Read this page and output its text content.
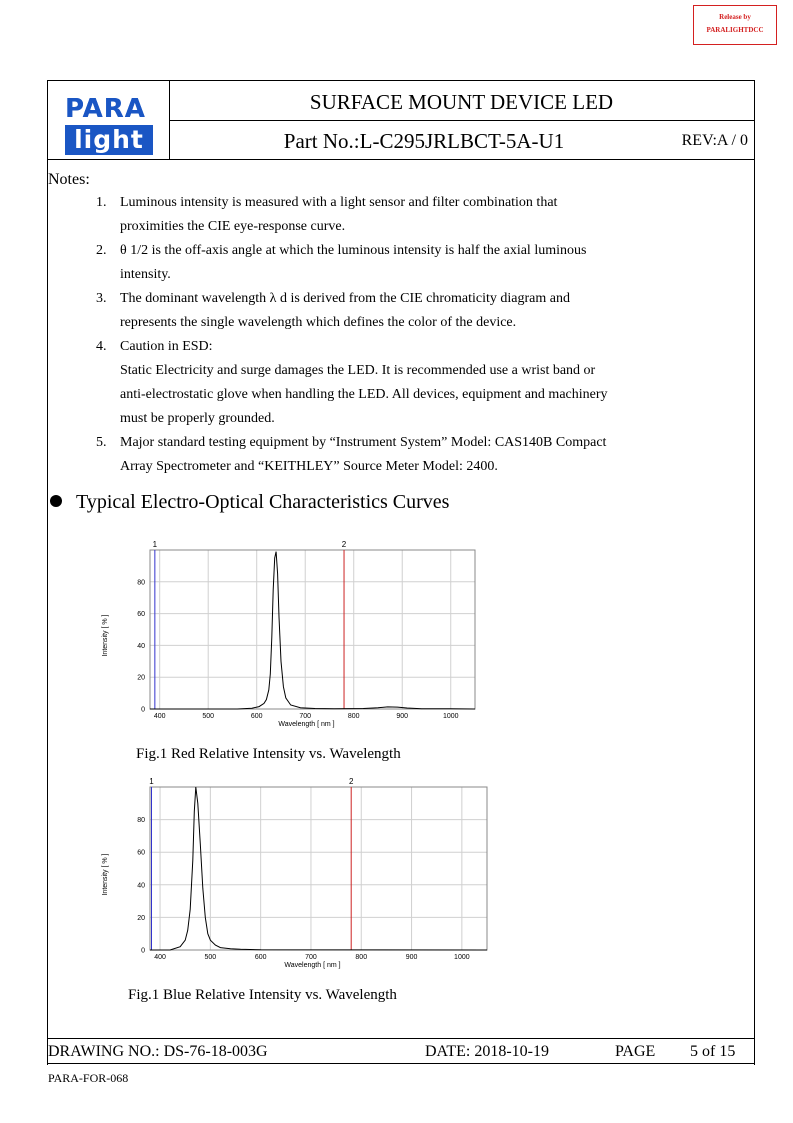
Release by
PARALIGHTDCC
PARA
light
SURFACE MOUNT DEVICE LED
Part No.:L-C295JRLBCT-5A-U1	REV:A / 0
Notes:
1. Luminous intensity is measured with a light sensor and filter combination that
proximities the CIE eye-response curve.
2. θ 1/2 is the off-axis angle at which the luminous intensity is half the axial luminous
intensity.
3. The dominant wavelength λ d is derived from the CIE chromaticity diagram and
represents the single wavelength which defines the color of the device.
4. Caution in ESD:
Static Electricity and surge damages the LED. It is recommended use a wrist band or
anti-electrostatic glove when handling the LED. All devices, equipment and machinery
must be properly grounded.
5. Major standard testing equipment by “Instrument System” Model: CAS140B Compact
Array Spectrometer and “KEITHLEY” Source Meter Model: 2400.
Typical Electro-Optical Characteristics Curves
400	500	600	700	800	900	1000
0
20
40
60
80
Wavelength [ nm ]
Intensity [ % ]
1	2
Fig.1 Red Relative Intensity vs. Wavelength
400	500	600	700	800	900	1000
0
20
40
60
80
Wavelength [ nm ]
Intensity [ % ]
1	2
Fig.1 Blue Relative Intensity vs. Wavelength
DRAWING NO.: DS-76-18-003G	DATE: 2018-10-19	PAGE 5 of 15
PARA-FOR-068
